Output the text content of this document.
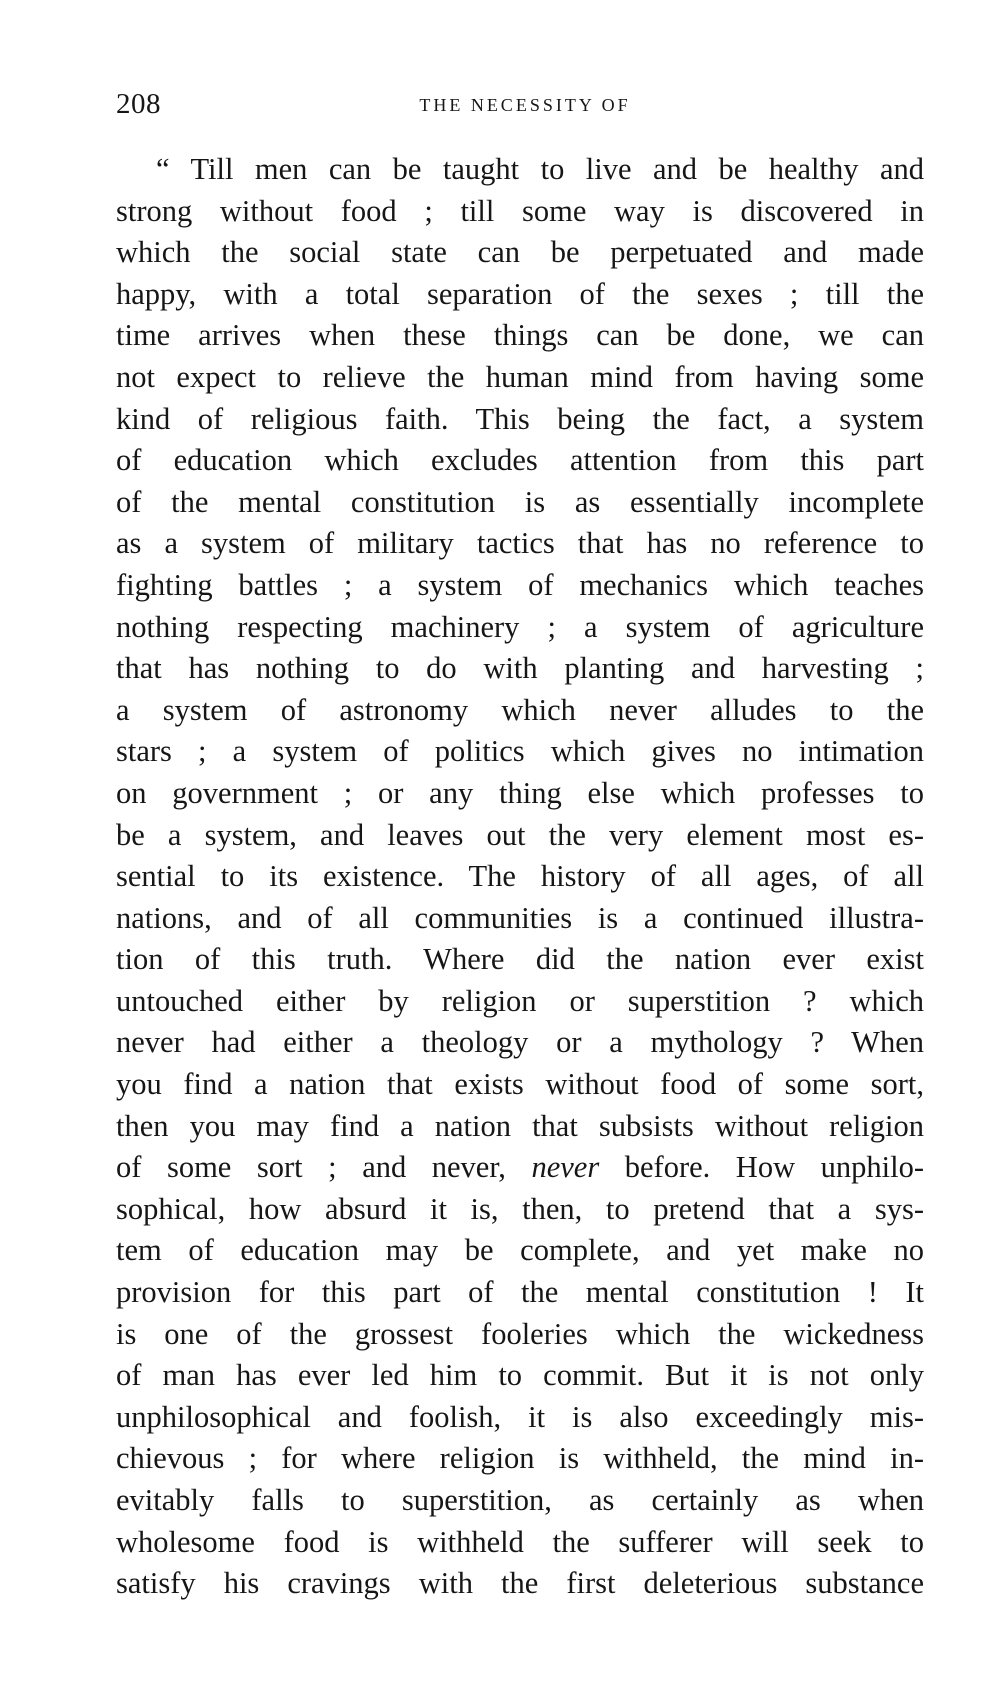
208	THE NECESSITY OF
“ Till men can be taught to live and be healthy and
strong without food ; till some way is discovered in
which the social state can be perpetuated and made
happy, with a total separation of the sexes ; till the
time arrives when these things can be done, we can
not expect to relieve the human mind from having some
kind of religious faith. This being the fact, a system
of education which excludes attention from this part
of the mental constitution is as essentially incomplete
as a system of military tactics that has no reference to
fighting battles ; a system of mechanics which teaches
nothing respecting machinery ; a system of agriculture
that has nothing to do with planting and harvesting ;
a system of astronomy which never alludes to the
stars ; a system of politics which gives no intimation
on government ; or any thing else which professes to
be a system, and leaves out the very element most es-
sential to its existence. The history of all ages, of all
nations, and of all communities is a continued illustra-
tion of this truth. Where did the nation ever exist
untouched either by religion or superstition ? which
never had either a theology or a mythology ? When
you find a nation that exists without food of some sort,
then you may find a nation that subsists without religion
of some sort ; and never, never before. How unphilo-
sophical, how absurd it is, then, to pretend that a sys-
tem of education may be complete, and yet make no
provision for this part of the mental constitution ! It
is one of the grossest fooleries which the wickedness
of man has ever led him to commit. But it is not only
unphilosophical and foolish, it is also exceedingly mis-
chievous ; for where religion is withheld, the mind in-
evitably falls to superstition, as certainly as when
wholesome food is withheld the sufferer will seek to
satisfy his cravings with the first deleterious substance
